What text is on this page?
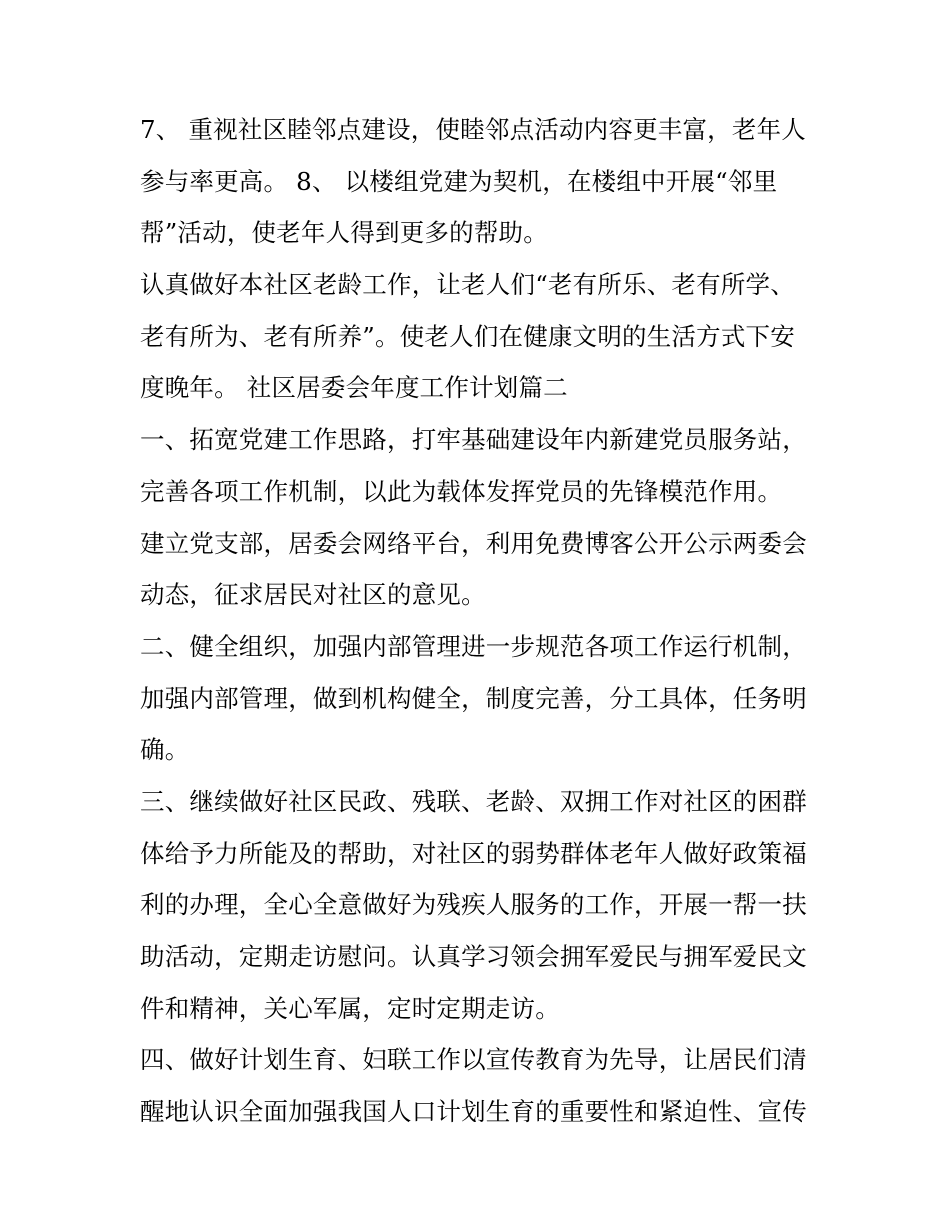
7、 重视社区睦邻点建设，使睦邻点活动内容更丰富，老年人
参与率更高。 8、 以楼组党建为契机，在楼组中开展“邻里
帮”活动，使老年人得到更多的帮助。

认真做好本社区老龄工作，让老人们“老有所乐、老有所学、
老有所为、老有所养”。使老人们在健康文明的生活方式下安
度晚年。 社区居委会年度工作计划篇二

一、拓宽党建工作思路，打牢基础建设年内新建党员服务站，
完善各项工作机制，以此为载体发挥党员的先锋模范作用。

建立党支部，居委会网络平台，利用免费博客公开公示两委会
动态，征求居民对社区的意见。

二、健全组织，加强内部管理进一步规范各项工作运行机制，
加强内部管理，做到机构健全，制度完善，分工具体，任务明
确。

三、继续做好社区民政、残联、老龄、双拥工作对社区的困群
体给予力所能及的帮助，对社区的弱势群体老年人做好政策福
利的办理，全心全意做好为残疾人服务的工作，开展一帮一扶
助活动，定期走访慰问。认真学习领会拥军爱民与拥军爱民文
件和精神，关心军属，定时定期走访。

四、做好计划生育、妇联工作以宣传教育为先导，让居民们清
醒地认识全面加强我国人口计划生育的重要性和紧迫性、宣传
